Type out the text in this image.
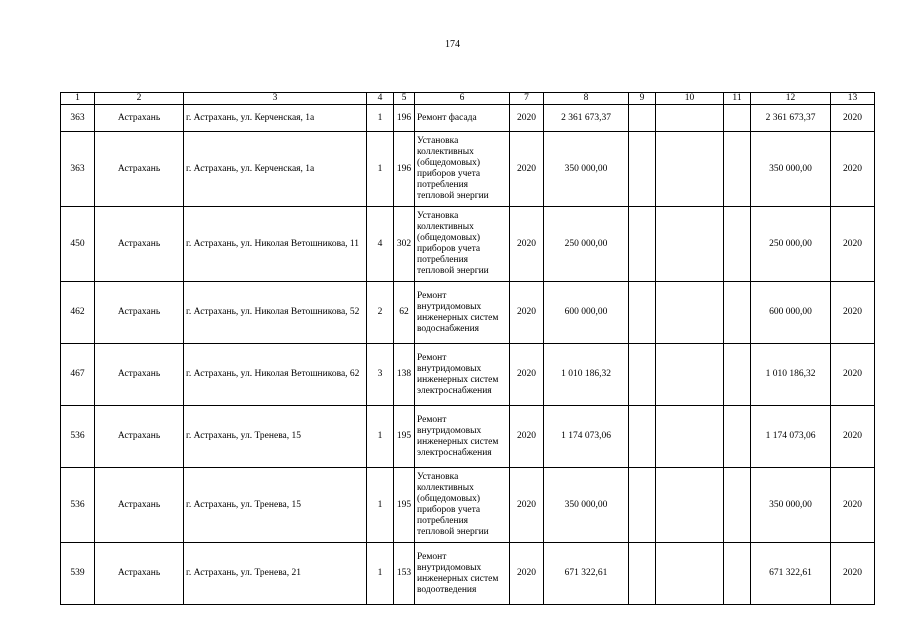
174
1	2	3	4	5	6	7	8	9	10	11	12	13
363	Астрахань	г. Астрахань, ул. Керченская, 1а	1	196	Ремонт фасада	2020	2 361 673,37				2 361 673,37	2020
363	Астрахань	г. Астрахань, ул. Керченская, 1а	1	196	Установка коллективных (общедомовых) приборов учета потребления тепловой энергии	2020	350 000,00				350 000,00	2020
450	Астрахань	г. Астрахань, ул. Николая Ветошникова, 11	4	302	Установка коллективных (общедомовых) приборов учета потребления тепловой энергии	2020	250 000,00				250 000,00	2020
462	Астрахань	г. Астрахань, ул. Николая Ветошникова, 52	2	62	Ремонт внутридомовых инженерных систем водоснабжения	2020	600 000,00				600 000,00	2020
467	Астрахань	г. Астрахань, ул. Николая Ветошникова, 62	3	138	Ремонт внутридомовых инженерных систем электроснабжения	2020	1 010 186,32				1 010 186,32	2020
536	Астрахань	г. Астрахань, ул. Тренева, 15	1	195	Ремонт внутридомовых инженерных систем электроснабжения	2020	1 174 073,06				1 174 073,06	2020
536	Астрахань	г. Астрахань, ул. Тренева, 15	1	195	Установка коллективных (общедомовых) приборов учета потребления тепловой энергии	2020	350 000,00				350 000,00	2020
539	Астрахань	г. Астрахань, ул. Тренева, 21	1	153	Ремонт внутридомовых инженерных систем водоотведения	2020	671 322,61				671 322,61	2020
